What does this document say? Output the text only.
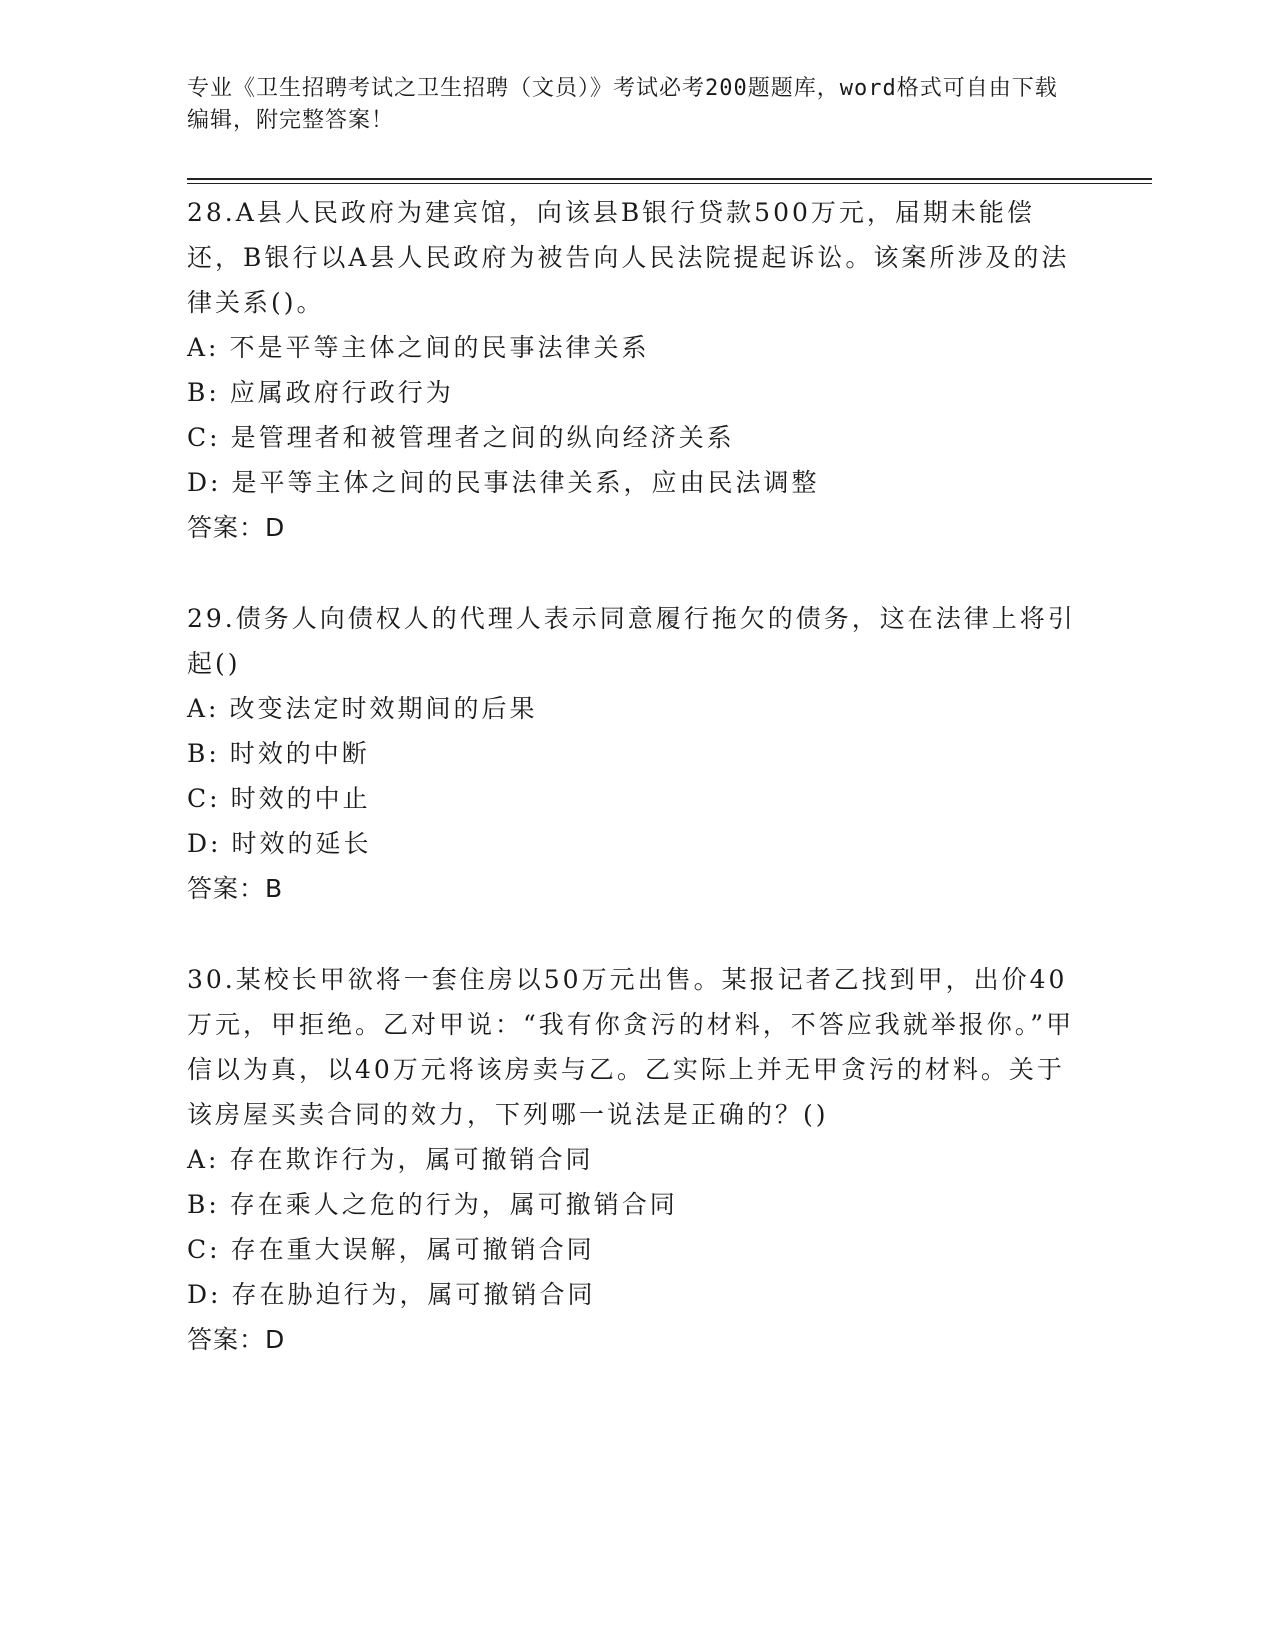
专业《卫生招聘考试之卫生招聘（文员）》考试必考200题题库，word格式可自由下载编辑，附完整答案！

28.A县人民政府为建宾馆，向该县B银行贷款500万元，届期未能偿还，B银行以A县人民政府为被告向人民法院提起诉讼。该案所涉及的法律关系()。

A: 不是平等主体之间的民事法律关系

B: 应属政府行政行为

C: 是管理者和被管理者之间的纵向经济关系

D: 是平等主体之间的民事法律关系，应由民法调整

答案：D

29.债务人向债权人的代理人表示同意履行拖欠的债务，这在法律上将引起()

A: 改变法定时效期间的后果

B: 时效的中断

C: 时效的中止

D: 时效的延长

答案：B

30.某校长甲欲将一套住房以50万元出售。某报记者乙找到甲，出价40万元，甲拒绝。乙对甲说：“我有你贪污的材料，不答应我就举报你。”甲信以为真，以40万元将该房卖与乙。乙实际上并无甲贪污的材料。关于该房屋买卖合同的效力，下列哪一说法是正确的？()

A: 存在欺诈行为，属可撤销合同

B: 存在乘人之危的行为，属可撤销合同

C: 存在重大误解，属可撤销合同

D: 存在胁迫行为，属可撤销合同

答案：D
